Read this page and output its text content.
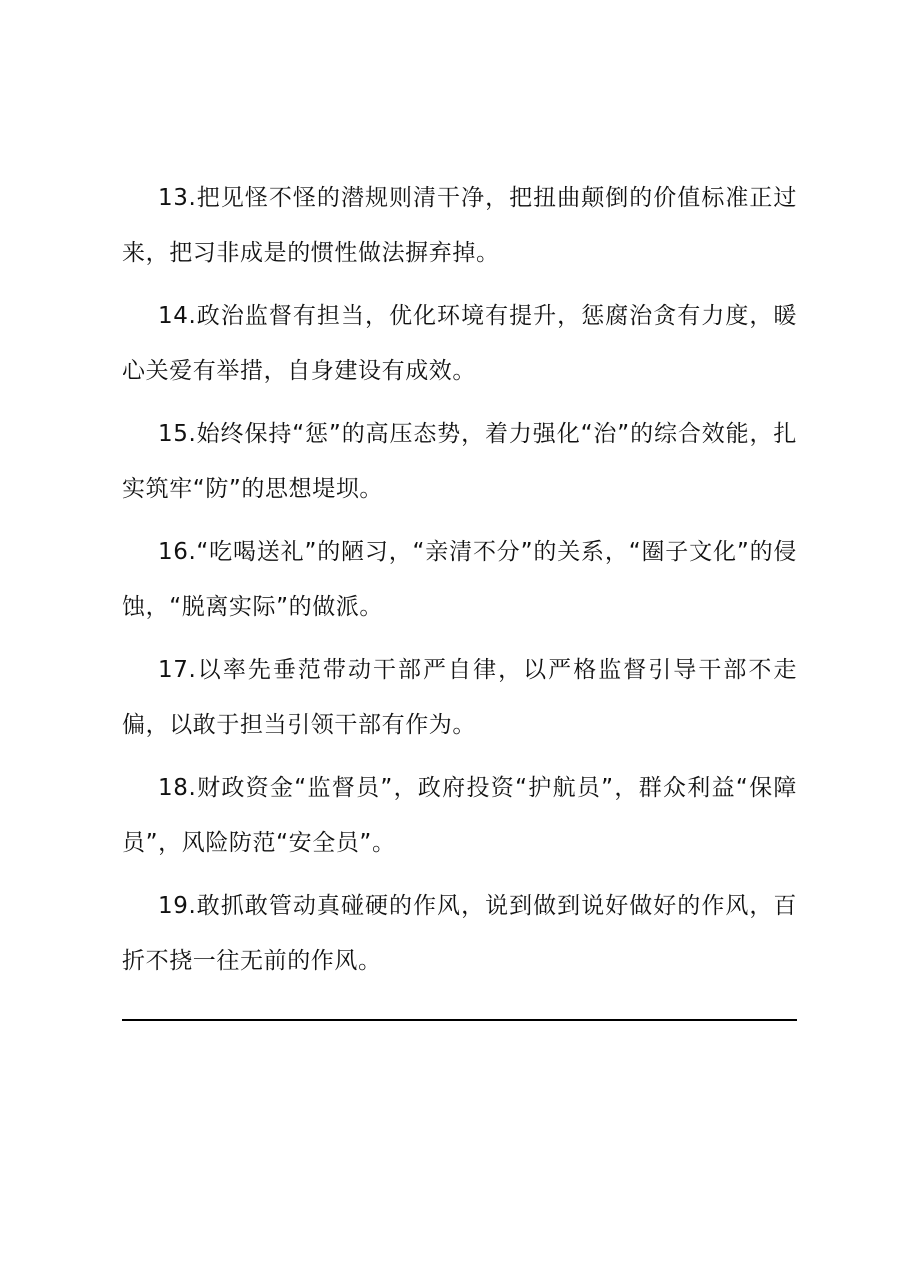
13.把见怪不怪的潜规则清干净，把扭曲颠倒的价值标准正过来，把习非成是的惯性做法摒弃掉。

14.政治监督有担当，优化环境有提升，惩腐治贪有力度，暖心关爱有举措，自身建设有成效。

15.始终保持“惩”的高压态势，着力强化“治”的综合效能，扎实筑牢“防”的思想堤坝。

16.“吃喝送礼”的陋习，“亲清不分”的关系，“圈子文化”的侵蚀，“脱离实际”的做派。

17.以率先垂范带动干部严自律，以严格监督引导干部不走偏，以敢于担当引领干部有作为。

18.财政资金“监督员”，政府投资“护航员”，群众利益“保障员”，风险防范“安全员”。

19.敢抓敢管动真碰硬的作风，说到做到说好做好的作风，百折不挠一往无前的作风。
